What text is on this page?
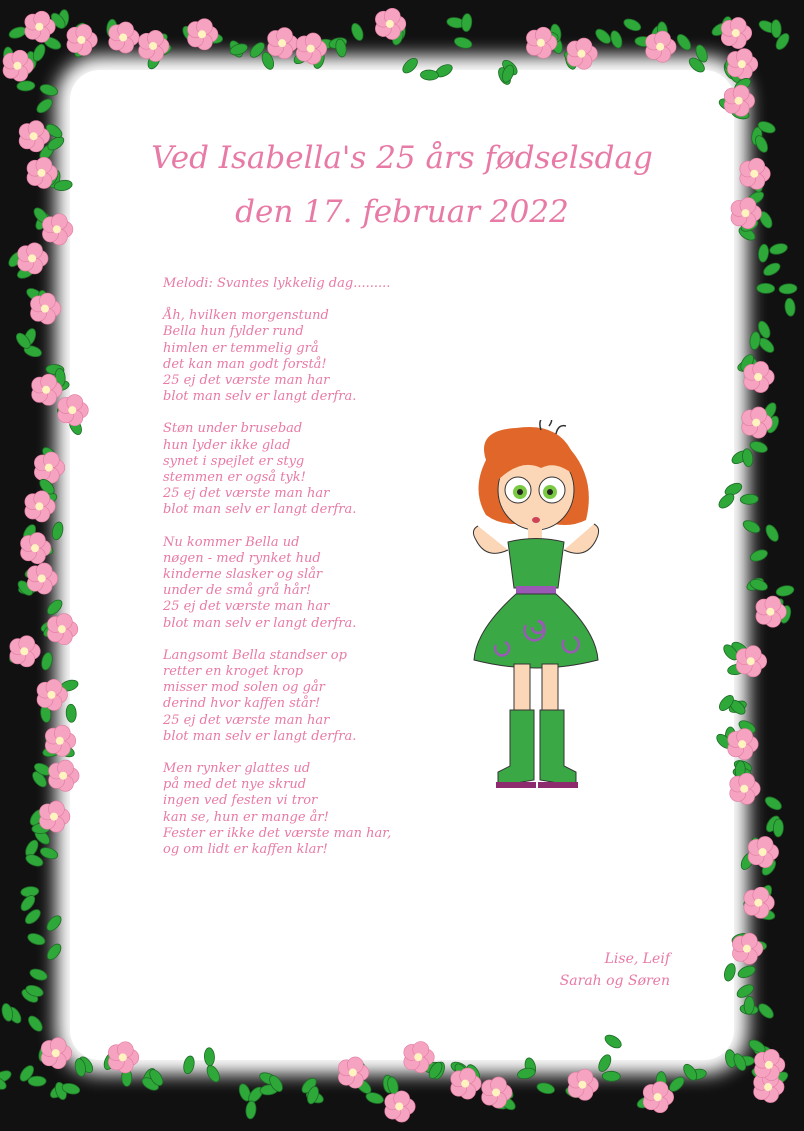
Ved Isabella's 25 års fødselsdag
den 17. februar 2022
Melodi: Svantes lykkelig dag.........
Åh, hvilken morgenstund
Bella hun fylder rund
himlen er temmelig grå
det kan man godt forstå!
25 ej det værste man har
blot man selv er langt derfra.
Støn under brusebad
hun lyder ikke glad
synet i spejlet er styg
stemmen er også tyk!
25 ej det værste man har
blot man selv er langt derfra.
Nu kommer Bella ud
nøgen - med rynket hud
kinderne slasker og slår
under de små grå hår!
25 ej det værste man har
blot man selv er langt derfra.
Langsomt Bella standser op
retter en kroget krop
misser mod solen og går
derind hvor kaffen står!
25 ej det værste man har
blot man selv er langt derfra.
Men rynker glattes ud
på med det nye skrud
ingen ved festen vi tror
kan se, hun er mange år!
Fester er ikke det værste man har,
og om lidt er kaffen klar!
Lise, Leif
Sarah og Søren
